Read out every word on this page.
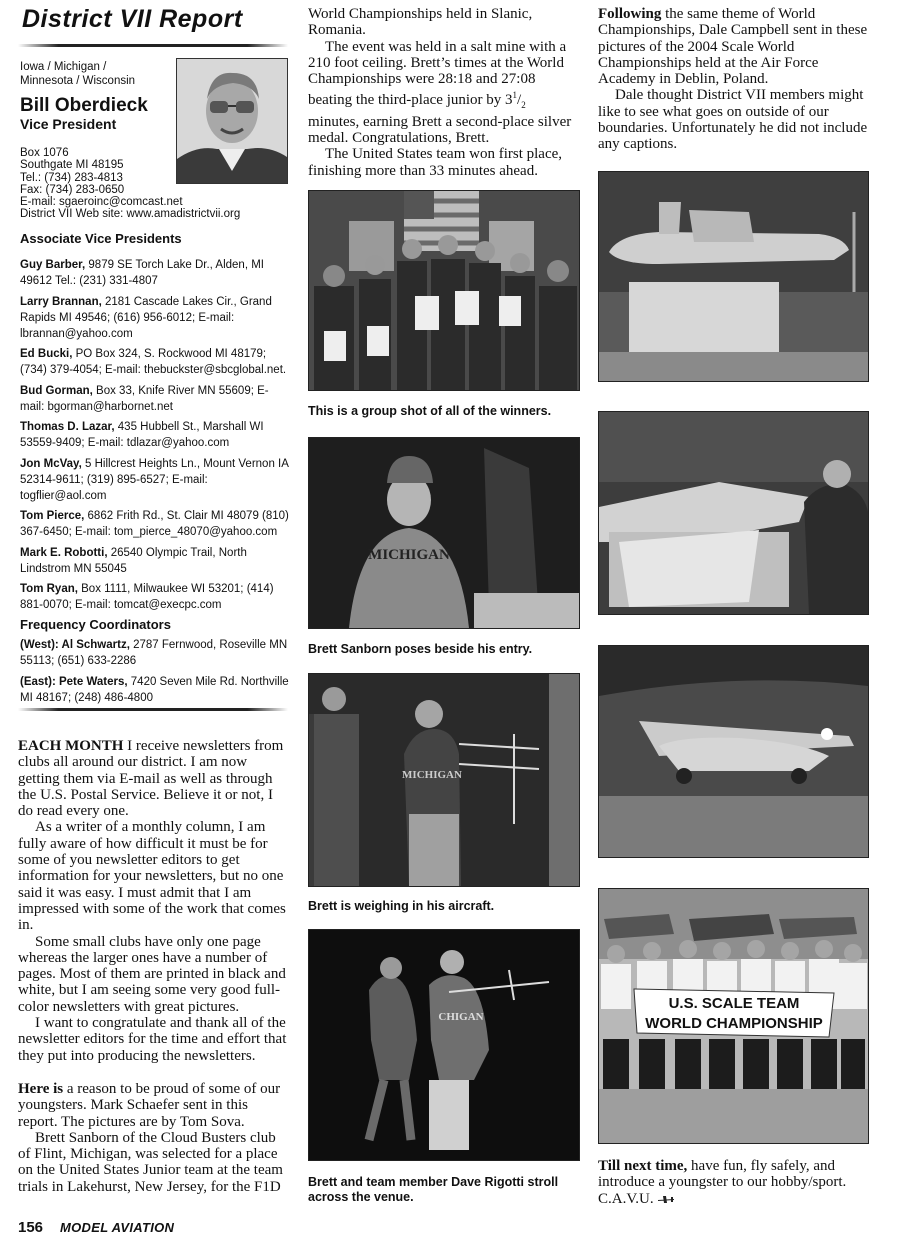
District VII Report
Iowa / Michigan /
Minnesota / Wisconsin
Bill Oberdieck
Vice President
Box 1076
Southgate MI 48195
Tel.: (734) 283-4813
Fax: (734) 283-0650
E-mail: sgaeroinc@comcast.net
District VII Web site: www.amadistrictvii.org
Associate Vice Presidents

Guy Barber, 9879 SE Torch Lake Dr., Alden, MI 49612 Tel.: (231) 331-4807

Larry Brannan, 2181 Cascade Lakes Cir., Grand Rapids MI 49546; (616) 956-6012; E-mail: lbrannan@yahoo.com

Ed Bucki, PO Box 324, S. Rockwood MI 48179; (734) 379-4054; E-mail: thebuckster@sbcglobal.net.

Bud Gorman, Box 33, Knife River MN 55609; E-mail: bgorman@harbornet.net

Thomas D. Lazar, 435 Hubbell St., Marshall WI 53559-9409; E-mail: tdlazar@yahoo.com

Jon McVay, 5 Hillcrest Heights Ln., Mount Vernon IA 52314-9611; (319) 895-6527; E-mail: togflier@aol.com

Tom Pierce, 6862 Frith Rd., St. Clair MI 48079 (810) 367-6450; E-mail: tom_pierce_48070@yahoo.com

Mark E. Robotti, 26540 Olympic Trail, North Lindstrom MN 55045

Tom Ryan, Box 1111, Milwaukee WI 53201; (414) 881-0070; E-mail: tomcat@execpc.com

Frequency Coordinators

(West): Al Schwartz, 2787 Fernwood, Roseville MN 55113; (651) 633-2286

(East): Pete Waters, 7420 Seven Mile Rd. Northville MI 48167; (248) 486-4800

EACH MONTH I receive newsletters from clubs all around our district. I am now getting them via E-mail as well as through the U.S. Postal Service. Believe it or not, I do read every one.

As a writer of a monthly column, I am fully aware of how difficult it must be for some of you newsletter editors to get information for your newsletters, but no one said it was easy. I must admit that I am impressed with some of the work that comes in.

Some small clubs have only one page whereas the larger ones have a number of pages. Most of them are printed in black and white, but I am seeing some very good full-color newsletters with great pictures.

I want to congratulate and thank all of the newsletter editors for the time and effort that they put into producing the newsletters.

Here is a reason to be proud of some of our youngsters. Mark Schaefer sent in this report. The pictures are by Tom Sova.

Brett Sanborn of the Cloud Busters club of Flint, Michigan, was selected for a place on the United States Junior team at the team trials in Lakehurst, New Jersey, for the F1D

World Championships held in Slanic, Romania.

The event was held in a salt mine with a 210 foot ceiling. Brett’s times at the World Championships were 28:18 and 27:08 beating the third-place junior by $3^1/_2$ minutes, earning Brett a second-place silver medal. Congratulations, Brett.

The United States team won first place, finishing more than 33 minutes ahead.

This is a group shot of all of the winners.
MICHIGAN
Brett Sanborn poses beside his entry.
MICHIGAN
Brett is weighing in his aircraft.
CHIGAN
Brett and team member Dave Rigotti stroll across the venue.

Following the same theme of World Championships, Dale Campbell sent in these pictures of the 2004 Scale World Championships held at the Air Force Academy in Deblin, Poland.

Dale thought District VII members might like to see what goes on outside of our boundaries. Unfortunately he did not include any captions.

U.S. SCALE TEAM
WORLD CHAMPIONSHIP

Till next time, have fun, fly safely, and introduce a youngster to our hobby/sport. C.A.V.U.

156 MODEL AVIATION
